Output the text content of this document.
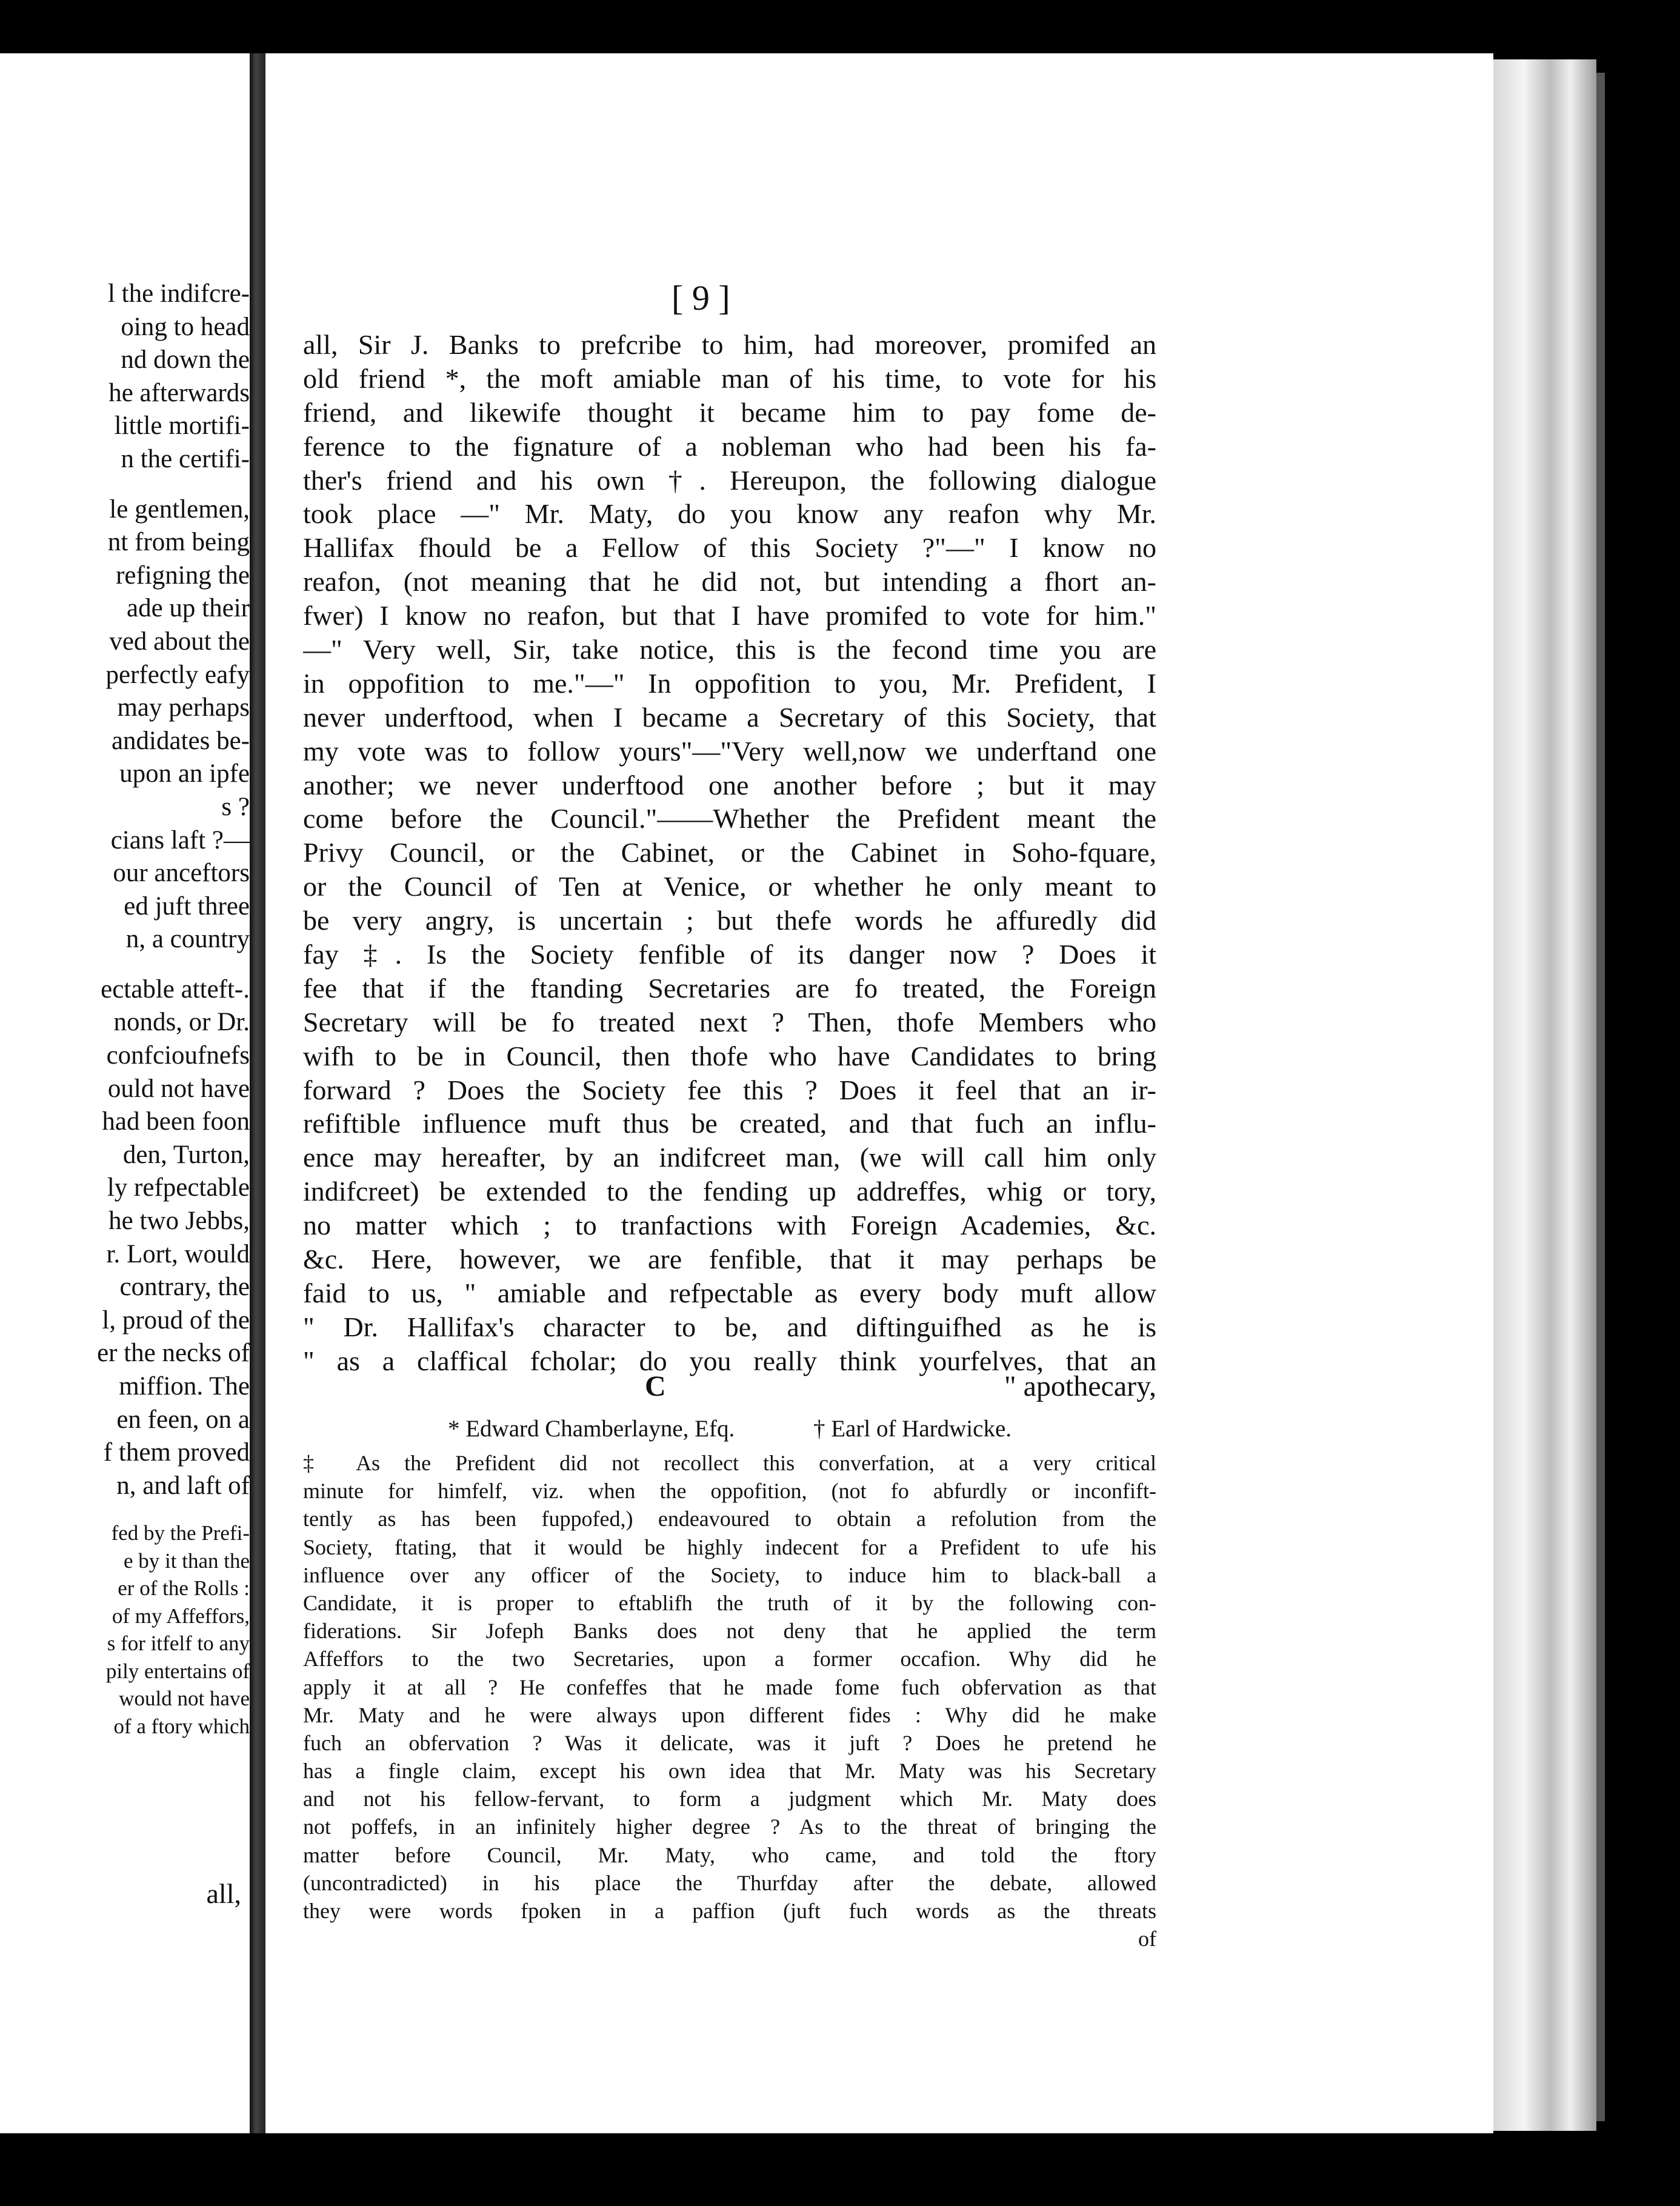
l the indifcre-
oing to head
nd down the
he afterwards
little mortifi-
n the certifi-
le gentlemen,
nt from being
refigning the
ade up their
ved about the
perfectly eafy
may perhaps
andidates be-
upon an ipfe
s ?
cians laft ?—
our anceftors
ed juft three
n, a country
ectable atteft-.
nonds, or Dr.
confcioufnefs
ould not have
had been foon
den, Turton,
ly refpectable
he two Jebbs,
r. Lort, would
contrary, the
l, proud of the
er the necks of
miffion. The
en feen, on a
f them proved
n, and laft of
fed by the Prefi-
e by it than the
er of the Rolls :
of my Affeffors,
s for itfelf to any
pily entertains of
would not have
of a ftory which
all,
[ 9 ]
all, Sir J. Banks to prefcribe to him, had moreover, promifed an
old friend *, the moft amiable man of his time, to vote for his
friend, and likewife thought it became him to pay fome de-
ference to the fignature of a nobleman who had been his fa-
ther's friend and his own †. Hereupon, the following dialogue
took place —" Mr. Maty, do you know any reafon why Mr.
Hallifax fhould be a Fellow of this Society ?"—" I know no
reafon, (not meaning that he did not, but intending a fhort an-
fwer) I know no reafon, but that I have promifed to vote for him."
—" Very well, Sir, take notice, this is the fecond time you are
in oppofition to me."—" In oppofition to you, Mr. Prefident, I
never underftood, when I became a Secretary of this Society, that
my vote was to follow yours"—"Very well,now we underftand one
another; we never underftood one another before ; but it may
come before the Council."——Whether the Prefident meant the
Privy Council, or the Cabinet, or the Cabinet in Soho-fquare,
or the Council of Ten at Venice, or whether he only meant to
be very angry, is uncertain ; but thefe words he affuredly did
fay ‡. Is the Society fenfible of its danger now ? Does it
fee that if the ftanding Secretaries are fo treated, the Foreign
Secretary will be fo treated next ? Then, thofe Members who
wifh to be in Council, then thofe who have Candidates to bring
forward ? Does the Society fee this ? Does it feel that an ir-
refiftible influence muft thus be created, and that fuch an influ-
ence may hereafter, by an indifcreet man, (we will call him only
indifcreet) be extended to the fending up addreffes, whig or tory,
no matter which ; to tranfactions with Foreign Academies, &c.
&c. Here, however, we are fenfible, that it may perhaps be
faid to us, " amiable and refpectable as every body muft allow
" Dr. Hallifax's character to be, and diftinguifhed as he is
" as a claffical fcholar; do you really think yourfelves, that an
C	" apothecary,
* Edward Chamberlayne, Efq.	† Earl of Hardwicke.
‡ As the Prefident did not recollect this converfation, at a very critical
minute for himfelf, viz. when the oppofition, (not fo abfurdly or inconfift-
tently as has been fuppofed,) endeavoured to obtain a refolution from the
Society, ftating, that it would be highly indecent for a Prefident to ufe his
influence over any officer of the Society, to induce him to black-ball a
Candidate, it is proper to eftablifh the truth of it by the following con-
fiderations. Sir Jofeph Banks does not deny that he applied the term
Affeffors to the two Secretaries, upon a former occafion. Why did he
apply it at all ? He confeffes that he made fome fuch obfervation as that
Mr. Maty and he were always upon different fides : Why did he make
fuch an obfervation ? Was it delicate, was it juft ? Does he pretend he
has a fingle claim, except his own idea that Mr. Maty was his Secretary
and not his fellow-fervant, to form a judgment which Mr. Maty does
not poffefs, in an infinitely higher degree ? As to the threat of bringing the
matter before Council, Mr. Maty, who came, and told the ftory
(uncontradicted) in his place the Thurfday after the debate, allowed
they were words fpoken in a paffion (juft fuch words as the threats
of
